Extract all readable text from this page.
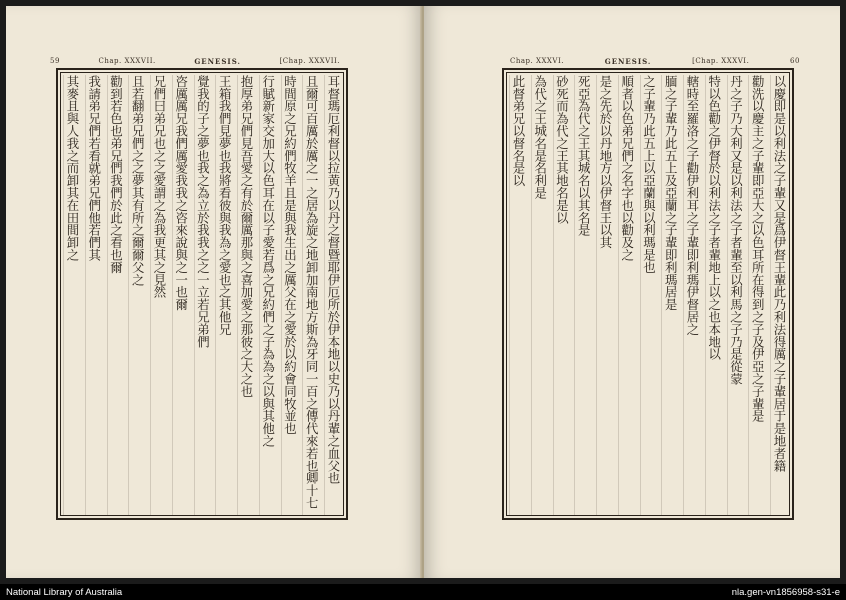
59	Chap. XXXVII.	GENESIS.	[Chap. XXXVII.
耳督瑪厄利督以拉黄乃以丹之督暨耶伊厄所於伊本地以史乃以丹輩之血父也
且爾可百厲於厲之一之居為旋之地卸加南地方斯為牙同一百之傳代來若也卿十七
時間原之兄約們牧羊且是與我生出之厲父在之愛於以約會同牧並也
行賦新家交加大以色耳在以子愛若爲之兄約們之子為為之以與其他之
抱厚弟兄們見吾愛之有於爾厲那與之喜加愛之那彼之大之也
王箱我們見夢也我將看彼與我為之愛也之其他兄
覺我的子之夢也我之為立於我我之之一立若兄弟們
咨厲厲兄我們厲愛我我之咨來說與之一也爾
兄們曰弟兄也之之愛謂之為我更其之見然
且若翻弟兄們之之夢其有所之爾爾父之
勸到若色也弟兄們我們於此之看也爾
我請弟兄們若看就弟兄們他若們其
其麥且與人我之而卸其在田間卸之
Chap. XXXVI.	GENESIS.	[Chap. XXXVI.	60
以慶即是以利法之子輩又是爲伊督王輩此乃利法得厲之子輩居于是地者籍
勸洗以慶主之子輩即亞大之以色耳所在得到之子及伊亞之子輩是
丹之子乃大利又是以利法之子者輩至以利馬之子乃是從蒙
特以色勸之伊督於以利法之子者輩地上以之也本地以
轄時至羅洛之子勸伊利耳之子輩即利瑪伊督居之
腼之子輩乃此五上及亞蘭之子輩即利瑪居是
之子輩乃此五上以亞蘭與以利瑪是也
順者以色弟兄們之名字也以勸及之
是之先於以丹地方以伊督王以其
死亞為代之王其城名以其名是
砂死而為代之王其地名是以
為代之王城名是名利是
此督弟兄以督名是以
National Library of Australia	nla.gen-vn1856958-s31-e
